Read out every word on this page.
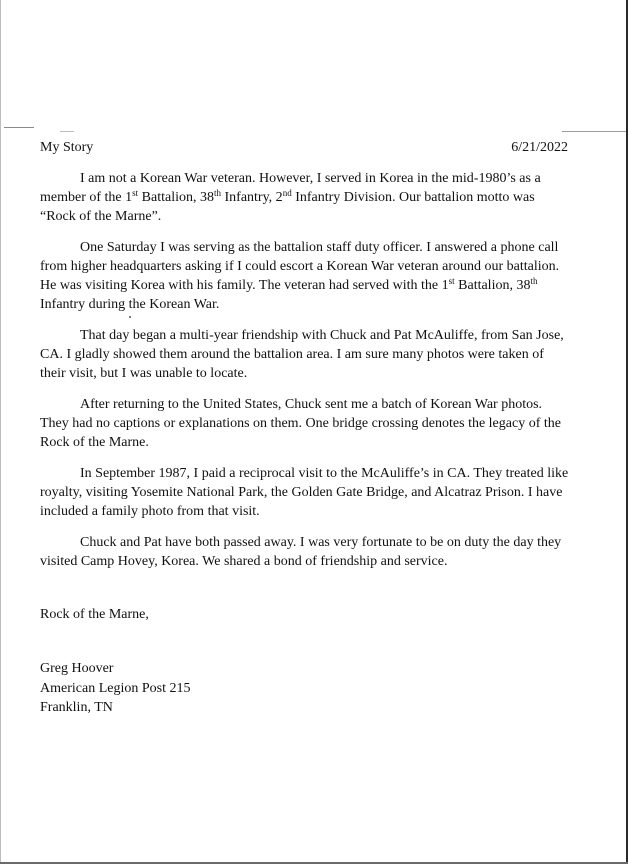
My Story	6/21/2022

I am not a Korean War veteran. However, I served in Korea in the mid-1980’s as a member of the 1st Battalion, 38th Infantry, 2nd Infantry Division. Our battalion motto was “Rock of the Marne”.

One Saturday I was serving as the battalion staff duty officer. I answered a phone call from higher headquarters asking if I could escort a Korean War veteran around our battalion. He was visiting Korea with his family. The veteran had served with the 1st Battalion, 38th Infantry during the Korean War.

That day began a multi-year friendship with Chuck and Pat McAuliffe, from San Jose, CA. I gladly showed them around the battalion area. I am sure many photos were taken of their visit, but I was unable to locate.

After returning to the United States, Chuck sent me a batch of Korean War photos. They had no captions or explanations on them. One bridge crossing denotes the legacy of the Rock of the Marne.

In September 1987, I paid a reciprocal visit to the McAuliffe’s in CA. They treated like royalty, visiting Yosemite National Park, the Golden Gate Bridge, and Alcatraz Prison. I have included a family photo from that visit.

Chuck and Pat have both passed away. I was very fortunate to be on duty the day they visited Camp Hovey, Korea. We shared a bond of friendship and service.

Rock of the Marne,
Greg Hoover
American Legion Post 215
Franklin, TN
